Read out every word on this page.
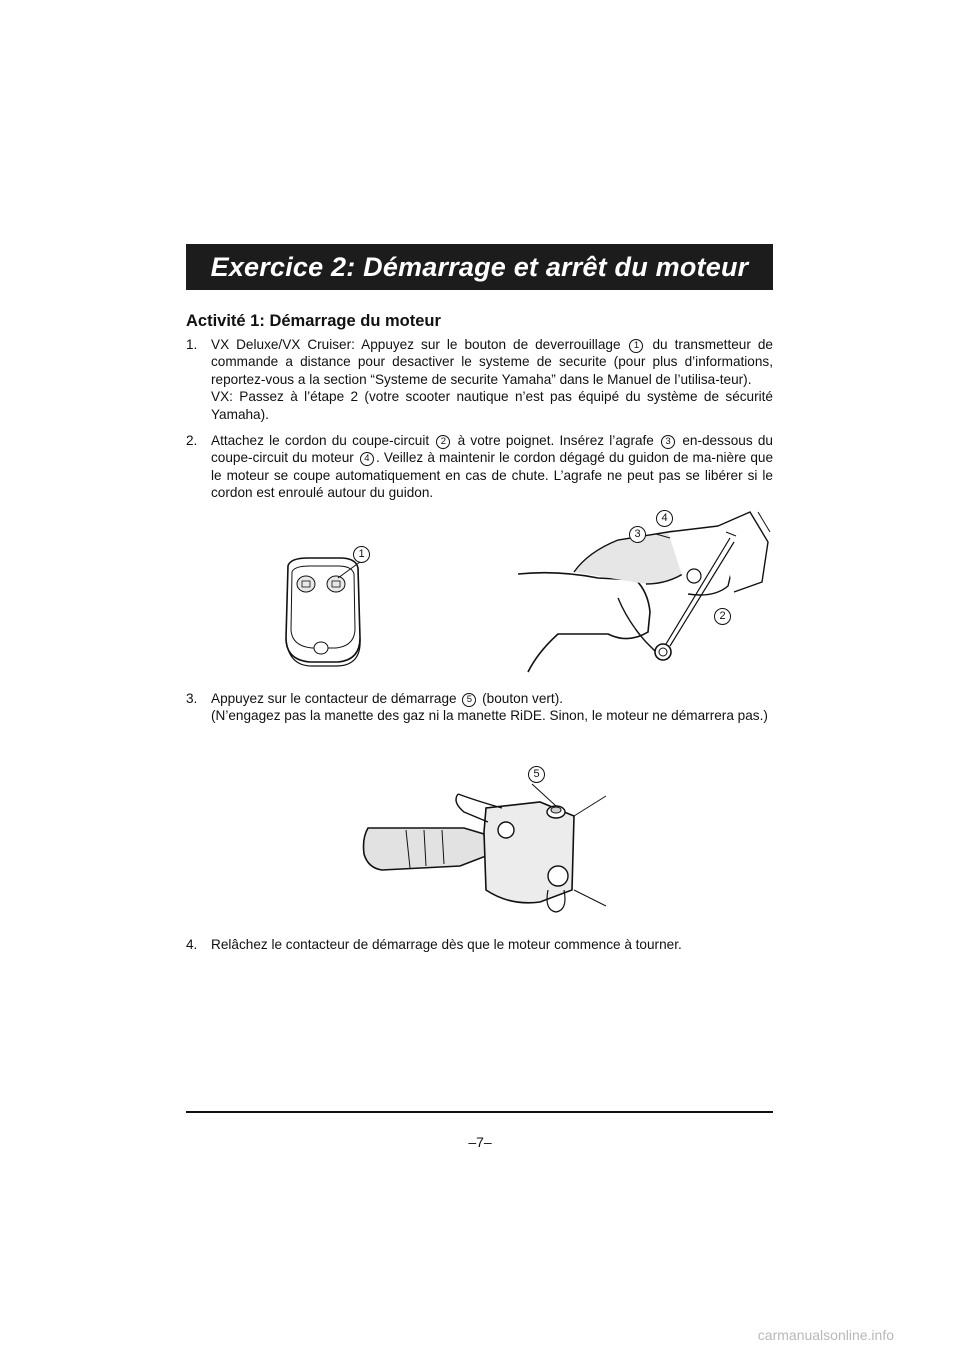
Exercice 2: Démarrage et arrêt du moteur
Activité 1: Démarrage du moteur
1.	VX Deluxe/VX Cruiser: Appuyez sur le bouton de deverrouillage 1 du transmetteur de commande a distance pour desactiver le systeme de securite (pour plus d’informations, reportez-vous a la section “Systeme de securite Yamaha” dans le Manuel de l’utilisa-teur).
VX: Passez à l’étape 2 (votre scooter nautique n’est pas équipé du système de sécurité Yamaha).
2.	Attachez le cordon du coupe-circuit 2 à votre poignet. Insérez l’agrafe 3 en-dessous du coupe-circuit du moteur 4 . Veillez à maintenir le cordon dégagé du guidon de ma-nière que le moteur se coupe automatiquement en cas de chute. L’agrafe ne peut pas se libérer si le cordon est enroulé autour du guidon.
1
4
3
2
3.	Appuyez sur le contacteur de démarrage 5 (bouton vert).
(N’engagez pas la manette des gaz ni la manette RiDE. Sinon, le moteur ne démarrera pas.)
5
4.	Relâchez le contacteur de démarrage dès que le moteur commence à tourner.
–7–
carmanualsonline.info
